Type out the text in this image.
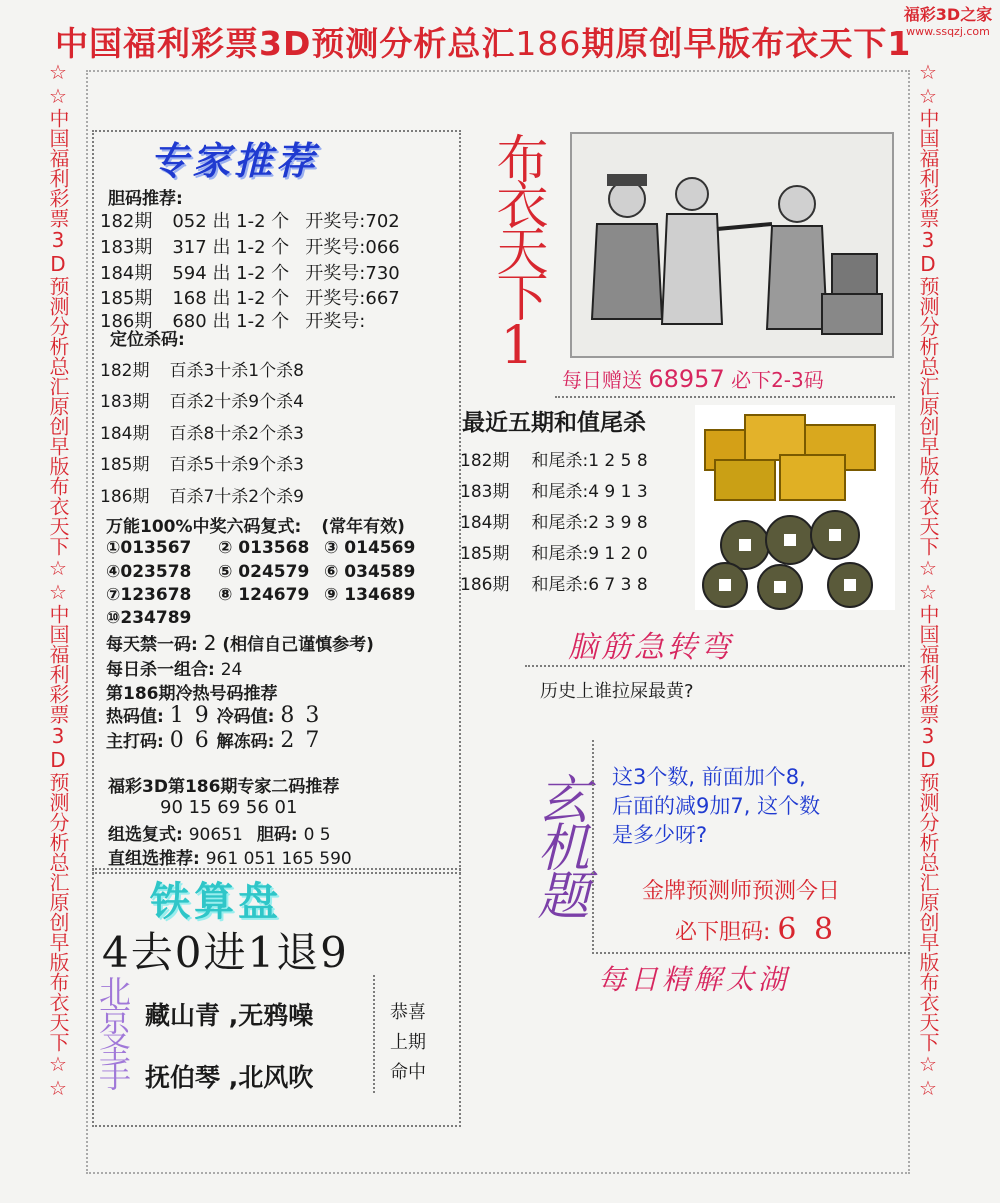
中国福利彩票3D预测分析总汇186期原创早版布衣天下1
福彩3D之家
www.ssqzj.com
☆☆中国福利彩票3D预测分析总汇原创早版布衣天下☆☆中国福利彩票3D预测分析总汇原创早版布衣天下☆☆	☆☆中国福利彩票3D预测分析总汇原创早版布衣天下☆☆中国福利彩票3D预测分析总汇原创早版布衣天下☆☆
专家推荐
胆码推荐:
182期 052 出 1-2 个 开奖号:702
183期 317 出 1-2 个 开奖号:066
184期 594 出 1-2 个 开奖号:730
185期 168 出 1-2 个 开奖号:667
186期 680 出 1-2 个 开奖号:
定位杀码:
182期 百杀3十杀1个杀8
183期 百杀2十杀9个杀4
184期 百杀8十杀2个杀3
185期 百杀5十杀9个杀3
186期 百杀7十杀2个杀9
万能100%中奖六码复式: (常年有效)
①013567 ② 013568 ③ 014569
④023578 ⑤ 024579 ⑥ 034589
⑦123678 ⑧ 124679 ⑨ 134689
⑩234789
每天禁一码: 2 (相信自己谨慎参考)
每日杀一组合: 24
第186期冷热号码推荐
热码值: 1 9 冷码值: 8 3
主打码: 0 6 解冻码: 2 7
福彩3D第186期专家二码推荐
90 15 69 56 01
组选复式: 90651 胆码: 0 5
直组选推荐: 961 051 165 590
布衣天下1
每日赠送 68957 必下2-3码
最近五期和值尾杀
182期 和尾杀:1 2 5 8
183期 和尾杀:4 9 1 3
184期 和尾杀:2 3 9 8
185期 和尾杀:9 1 2 0
186期 和尾杀:6 7 3 8
脑筋急转弯
历史上谁拉屎最黄?
玄机题 这3个数, 前面加个8,
后面的减9加7, 这个数
是多少呀?
金牌预测师预测今日
必下胆码: 6 8
每日精解太湖
铁算盘
4去0进1退9
北京圣手 藏山青 ,无鸦噪
抚伯琴 ,北风吹
恭喜
上期
命中
